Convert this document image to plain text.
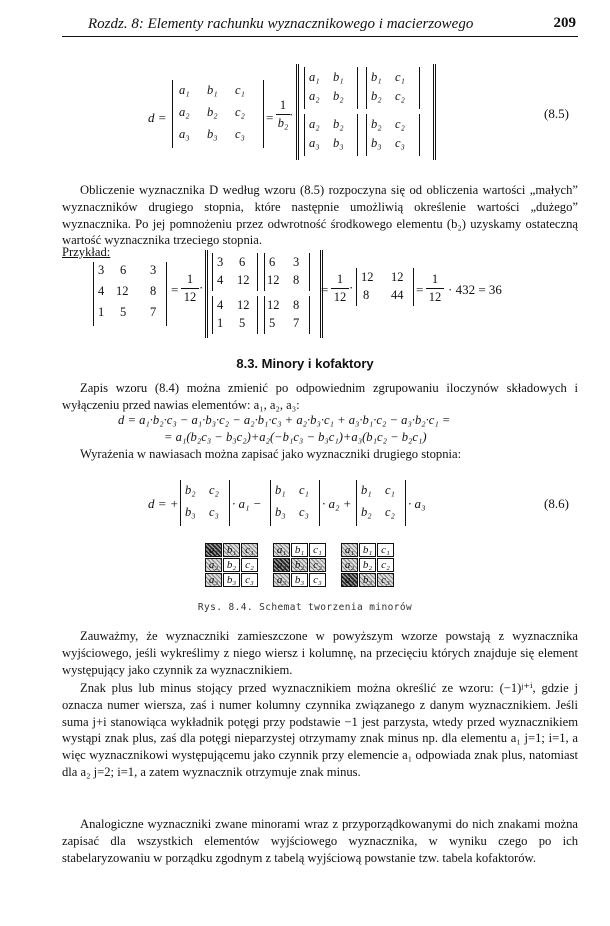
Rozdz. 8: Elementy rachunku wyznacznikowego i macierzowego	209
d =
a₁ b₁ c₁
a₂ b₂ c₂
a₃ b₃ c₃
=
1
b₂
·
a₁ b₁
a₂ b₂
b₁ c₁
b₂ c₂
a₂ b₂
a₃ b₃
b₂ c₂
b₃ c₃
(8.5)
Obliczenie wyznacznika D według wzoru (8.5) rozpoczyna się od obliczenia wartości „małych” wyznaczników drugiego stopnia, które następnie umożliwią określenie wartości „dużego” wyznacznika. Po jej pomnożeniu przez odwrotność środkowego elementu (b₂) uzyskamy ostateczną wartość wyznacznika trzeciego stopnia.
Przykład:
3 6 3
4 12 8
1 5 7
=
1
12
·
3 6
4 12
6 3
12 8
4 12
1 5
12 8
5 7
=
1
12
·
12 12
8 44 =
1
12 · 432 = 36
8.3. Minory i kofaktory
Zapis wzoru (8.4) można zmienić po odpowiednim zgrupowaniu iloczynów składowych i wyłączeniu przed nawias elementów: a₁, a₂, a₃:
d = a₁·b₂·c₃ − a₁·b₃·c₂ − a₂·b₁·c₃ + a₂·b₃·c₁ + a₃·b₁·c₂ − a₃·b₂·c₁ =
= a₁(b₂c₃ − b₃c₂)+a₂(−b₁c₃ − b₃c₁)+a₃(b₁c₂ − b₂c₁)
Wyrażenia w nawiasach można zapisać jako wyznaczniki drugiego stopnia:
d = +
b₂ c₂
b₃ c₃
· a₁ −
b₁ c₁
b₃ c₃
· a₂ +
b₁ c₁
b₂ c₂
· a₃	(8.6)
a₁ b₁ c₁
a₂ b₂ c₂
a₃ b₃ c₃
a₁ b₁ c₁
a₂ b₂ c₂
a₃ b₃ c₃
a₁ b₁ c₁
a₂ b₂ c₂
a₃ b₃ c₃
Rys. 8.4. Schemat tworzenia minorów
Zauważmy, że wyznaczniki zamieszczone w powyższym wzorze powstają z wyznacznika wyjściowego, jeśli wykreślimy z niego wiersz i kolumnę, na przecięciu których znajduje się element występujący jako czynnik za wyznacznikiem.
Znak plus lub minus stojący przed wyznacznikiem można określić ze wzoru: (−1)ʲ⁺ⁱ, gdzie j oznacza numer wiersza, zaś i numer kolumny czynnika związanego z danym wyznacznikiem. Jeśli suma j+i stanowiąca wykładnik potęgi przy podstawie −1 jest parzysta, wtedy przed wyznacznikiem wystąpi znak plus, zaś dla potęgi nieparzystej otrzymamy znak minus np. dla elementu a₁ j=1; i=1, a więc wyznacznikowi występującemu jako czynnik przy elemencie a₁ odpowiada znak plus, natomiast dla a₂ j=2; i=1, a zatem wyznacznik otrzymuje znak minus.
Analogiczne wyznaczniki zwane minorami wraz z przyporządkowanymi do nich znakami można zapisać dla wszystkich elementów wyjściowego wyznacznika, w wyniku czego po ich stabelaryzowaniu w porządku zgodnym z tabelą wyjściową powstanie tzw. tabela kofaktorów.
